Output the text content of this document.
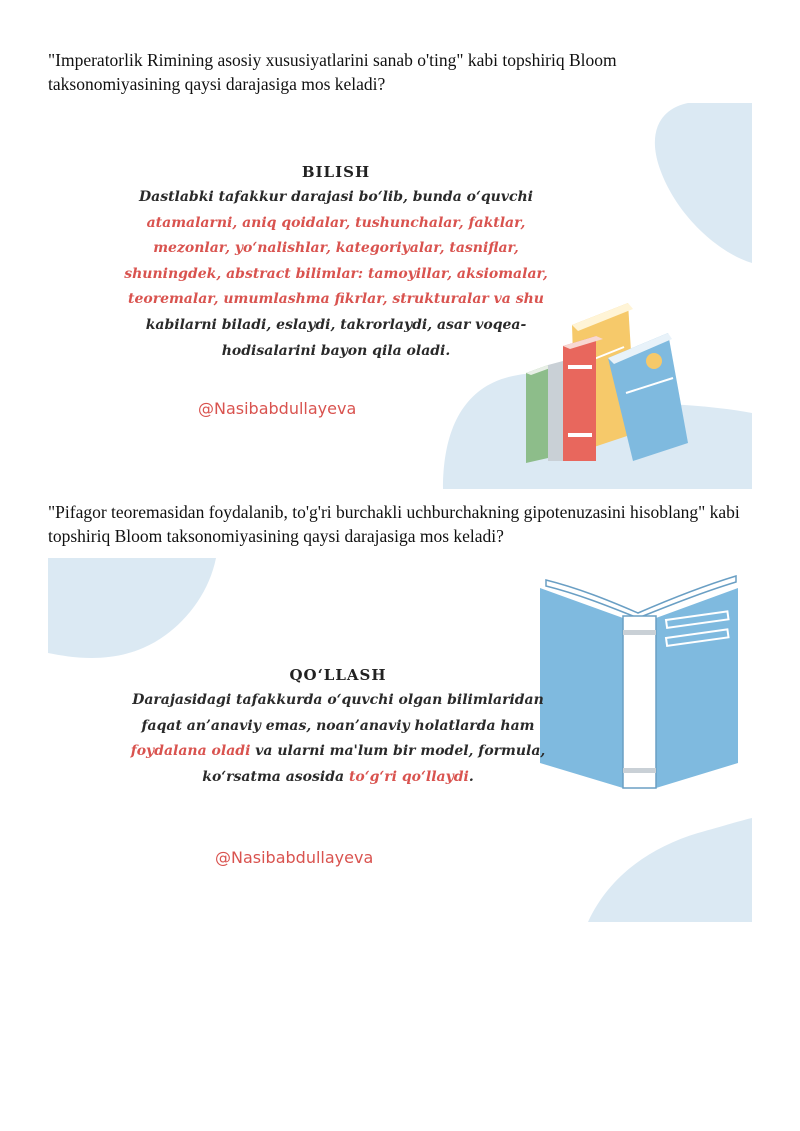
"Imperatorlik Rimining asosiy xususiyatlarini sanab o'ting" kabi topshiriq Bloom taksonomiyasining qaysi darajasiga mos keladi?
BILISH
Dastlabki tafakkur darajasi bo‘lib, bunda o‘quvchi
atamalarni, aniq qoidalar, tushunchalar, faktlar,
mezonlar, yo‘nalishlar, kategoriyalar, tasniflar,
shuningdek, abstract bilimlar: tamoyillar, aksiomalar,
teoremalar, umumlashma fikrlar, strukturalar va shu
kabilarni biladi, eslaydi, takrorlaydi, asar voqea-
hodisalarini bayon qila oladi.
@Nasibabdullayeva
"Pifagor teoremasidan foydalanib, to'g'ri burchakli uchburchakning gipotenuzasini hisoblang" kabi topshiriq Bloom taksonomiyasining qaysi darajasiga mos keladi?
QO‘LLASH
Darajasidagi tafakkurda o‘quvchi olgan bilimlaridan
faqat an’anaviy emas, noan’anaviy holatlarda ham
foydalana oladi va ularni ma'lum bir model, formula,
ko‘rsatma asosida to‘g‘ri qo‘llaydi.
@Nasibabdullayeva
